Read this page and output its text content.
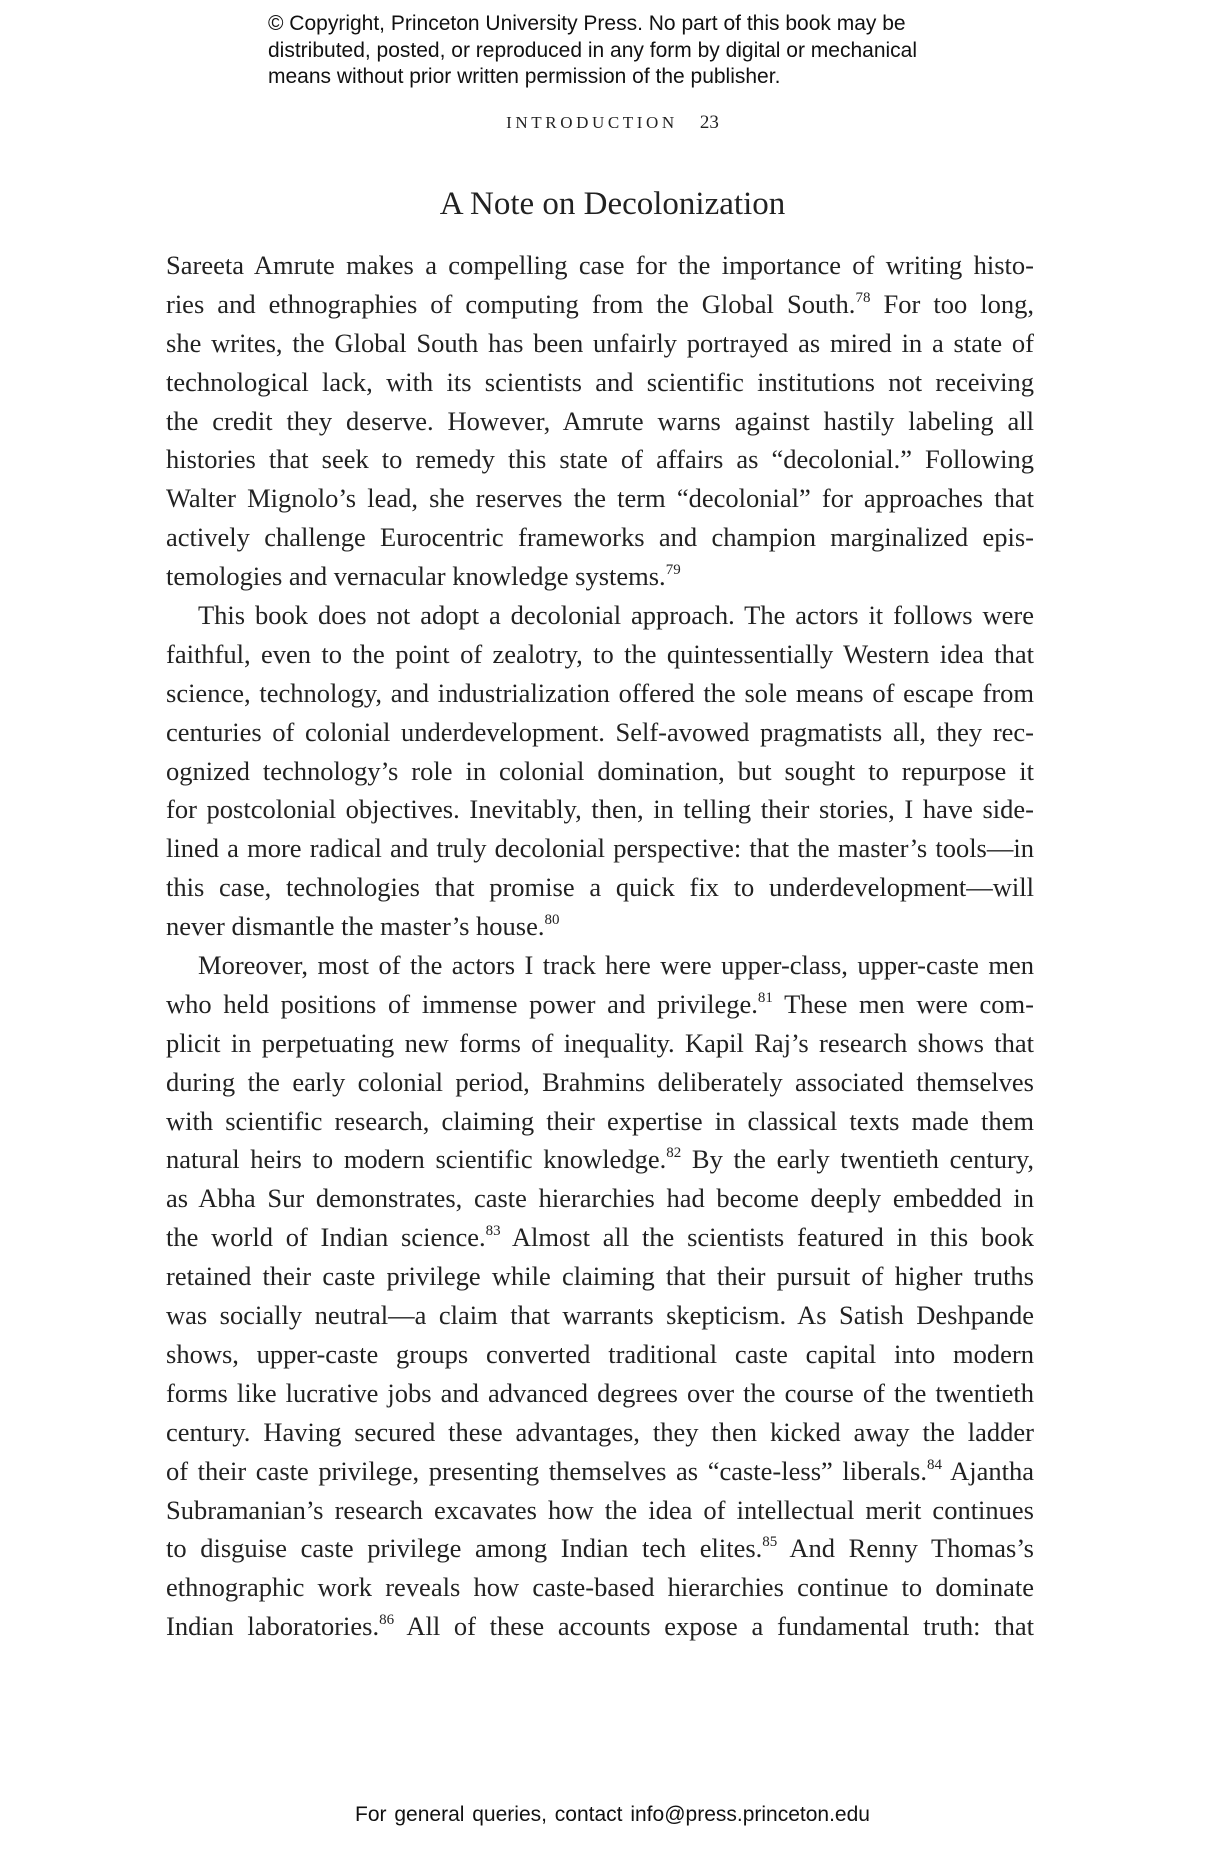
© Copyright, Princeton University Press. No part of this book may be
distributed, posted, or reproduced in any form by digital or mechanical
means without prior written permission of the publisher.
INTRODUCTION 23
A Note on Decolonization
Sareeta Amrute makes a compelling case for the importance of writing histo-
ries and ethnographies of computing from the Global South.$^{78}$ For too long,
she writes, the Global South has been unfairly portrayed as mired in a state of
technological lack, with its scientists and scientific institutions not receiving
the credit they deserve. However, Amrute warns against hastily labeling all
histories that seek to remedy this state of affairs as “decolonial.” Following
Walter Mignolo’s lead, she reserves the term “decolonial” for approaches that
actively challenge Eurocentric frameworks and champion marginalized epis-
temologies and vernacular knowledge systems.$^{79}$
This book does not adopt a decolonial approach. The actors it follows were
faithful, even to the point of zealotry, to the quintessentially Western idea that
science, technology, and industrialization offered the sole means of escape from
centuries of colonial underdevelopment. Self-avowed pragmatists all, they rec-
ognized technology’s role in colonial domination, but sought to repurpose it
for postcolonial objectives. Inevitably, then, in telling their stories, I have side-
lined a more radical and truly decolonial perspective: that the master’s tools—in
this case, technologies that promise a quick fix to underdevelopment—will
never dismantle the master’s house.$^{80}$
Moreover, most of the actors I track here were upper-class, upper-caste men
who held positions of immense power and privilege.$^{81}$ These men were com-
plicit in perpetuating new forms of inequality. Kapil Raj’s research shows that
during the early colonial period, Brahmins deliberately associated themselves
with scientific research, claiming their expertise in classical texts made them
natural heirs to modern scientific knowledge.$^{82}$ By the early twentieth century,
as Abha Sur demonstrates, caste hierarchies had become deeply embedded in
the world of Indian science.$^{83}$ Almost all the scientists featured in this book
retained their caste privilege while claiming that their pursuit of higher truths
was socially neutral—a claim that warrants skepticism. As Satish Deshpande
shows, upper-caste groups converted traditional caste capital into modern
forms like lucrative jobs and advanced degrees over the course of the twentieth
century. Having secured these advantages, they then kicked away the ladder
of their caste privilege, presenting themselves as “caste-less” liberals.$^{84}$ Ajantha
Subramanian’s research excavates how the idea of intellectual merit continues
to disguise caste privilege among Indian tech elites.$^{85}$ And Renny Thomas’s
ethnographic work reveals how caste-based hierarchies continue to dominate
Indian laboratories.$^{86}$ All of these accounts expose a fundamental truth: that
For general queries, contact info@press.princeton.edu
